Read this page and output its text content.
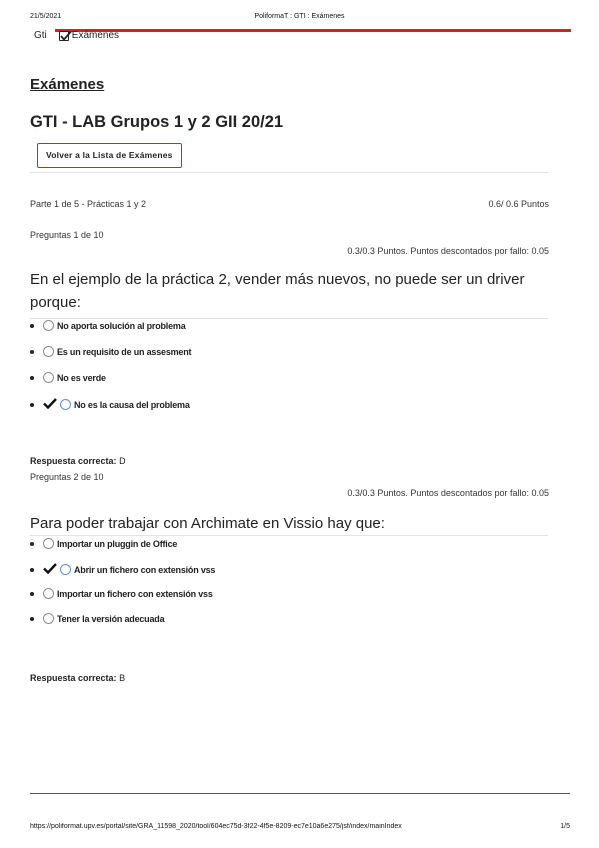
21/5/2021	PoliformaT : GTI : Exámenes
Gti	Exámenes
Exámenes
GTI - LAB Grupos 1 y 2 GII 20/21
Volver a la Lista de Exámenes
Parte 1 de 5 - Prácticas 1 y 2	0.6/ 0.6 Puntos
Preguntas 1 de 10
0.3/0.3 Puntos. Puntos descontados por fallo: 0.05
En el ejemplo de la práctica 2, vender más nuevos, no puede ser un driver porque:
No aporta solución al problema
Es un requisito de un assesment
No es verde
No es la causa del problema
Respuesta correcta: D
Preguntas 2 de 10
0.3/0.3 Puntos. Puntos descontados por fallo: 0.05
Para poder trabajar con Archimate en Vissio hay que:
Importar un pluggin de Office
Abrir un fichero con extensión vss
Importar un fichero con extensión vss
Tener la versión adecuada
Respuesta correcta: B
https://poliformat.upv.es/portal/site/GRA_11598_2020/tool/604ec75d-3f22-4f5e-8209-ec7e10a6e275/jsf/index/mainIndex	1/5
